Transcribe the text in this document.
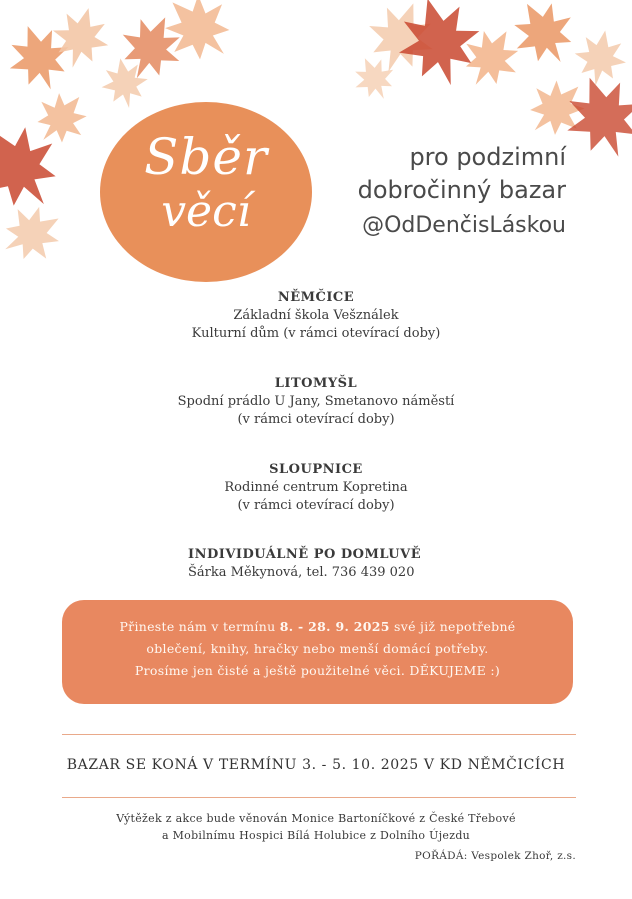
Sběr
věcí
pro podzimní
dobročinný bazar
@OdDenčisLáskou
NĚMČICE
Základní škola Vešználek
Kulturní dům (v rámci otevírací doby)
LITOMYŠL
Spodní prádlo U Jany, Smetanovo náměstí
(v rámci otevírací doby)
SLOUPNICE
Rodinné centrum Kopretina
(v rámci otevírací doby)
INDIVIDUÁLNĚ PO DOMLUVĚ
Šárka Měkynová, tel. 736 439 020
Přineste nám v termínu 8. - 28. 9. 2025 své již nepotřebné
oblečení, knihy, hračky nebo menší domácí potřeby.
Prosíme jen čisté a ještě použitelné věci. DĚKUJEME :)
BAZAR SE KONÁ V TERMÍNU 3. - 5. 10. 2025 V KD NĚMČICÍCH
Výtěžek z akce bude věnován Monice Bartoníčkové z České Třebové
a Mobilnímu Hospici Bílá Holubice z Dolního Újezdu
POŘÁDÁ: Vespolek Zhoř, z.s.
